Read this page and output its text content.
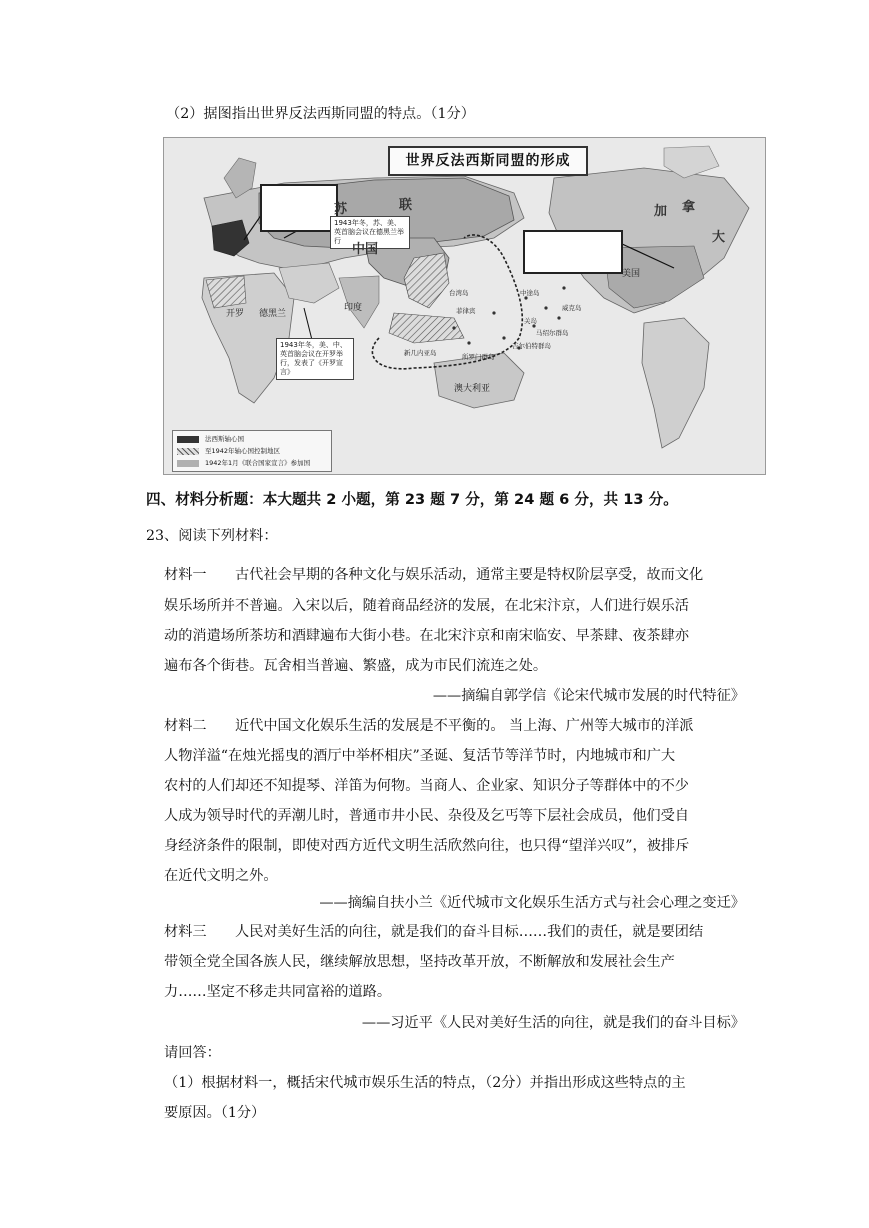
（2）据图指出世界反法西斯同盟的特点。（1分）
世界反法西斯同盟的形成
1943年冬，苏、美、英首脑会议在德黑兰举行
1943年冬，美、中、英首脑会议在开罗举行，发表了《开罗宣言》
苏	联
中国
印度
开罗 德黑兰
澳大利亚
美国
加 拿
大
中途岛
威克岛
关岛
马绍尔群岛
吉尔伯特群岛
所罗门群岛
新几内亚岛
菲律宾
台湾岛
法西斯轴心国
至1942年轴心国控制地区
1942年1月《联合国家宣言》参加国
四、材料分析题：本大题共 2 小题，第 23 题 7 分，第 24 题 6 分，共 13 分。
23、阅读下列材料：
材料一　　古代社会早期的各种文化与娱乐活动，通常主要是特权阶层享受，故而文化
娱乐场所并不普遍。入宋以后，随着商品经济的发展，在北宋汴京，人们进行娱乐活
动的消遣场所茶坊和酒肆遍布大街小巷。在北宋汴京和南宋临安、早茶肆、夜茶肆亦
遍布各个街巷。瓦舍相当普遍、繁盛，成为市民们流连之处。
——摘编自郭学信《论宋代城市发展的时代特征》
材料二　　近代中国文化娱乐生活的发展是不平衡的。 当上海、广州等大城市的洋派
人物洋溢“在烛光摇曳的酒厅中举杯相庆”圣诞、复活节等洋节时，内地城市和广大
农村的人们却还不知提琴、洋笛为何物。当商人、企业家、知识分子等群体中的不少
人成为领导时代的弄潮儿时，普通市井小民、杂役及乞丐等下层社会成员，他们受自
身经济条件的限制，即使对西方近代文明生活欣然向往，也只得“望洋兴叹”，被排斥
在近代文明之外。
——摘编自扶小兰《近代城市文化娱乐生活方式与社会心理之变迁》
材料三　　人民对美好生活的向往，就是我们的奋斗目标……我们的责任，就是要团结
带领全党全国各族人民，继续解放思想，坚持改革开放，不断解放和发展社会生产
力……坚定不移走共同富裕的道路。
——习近平《人民对美好生活的向往，就是我们的奋斗目标》
请回答：
（1）根据材料一，概括宋代城市娱乐生活的特点，（2分）并指出形成这些特点的主
要原因。（1分）
